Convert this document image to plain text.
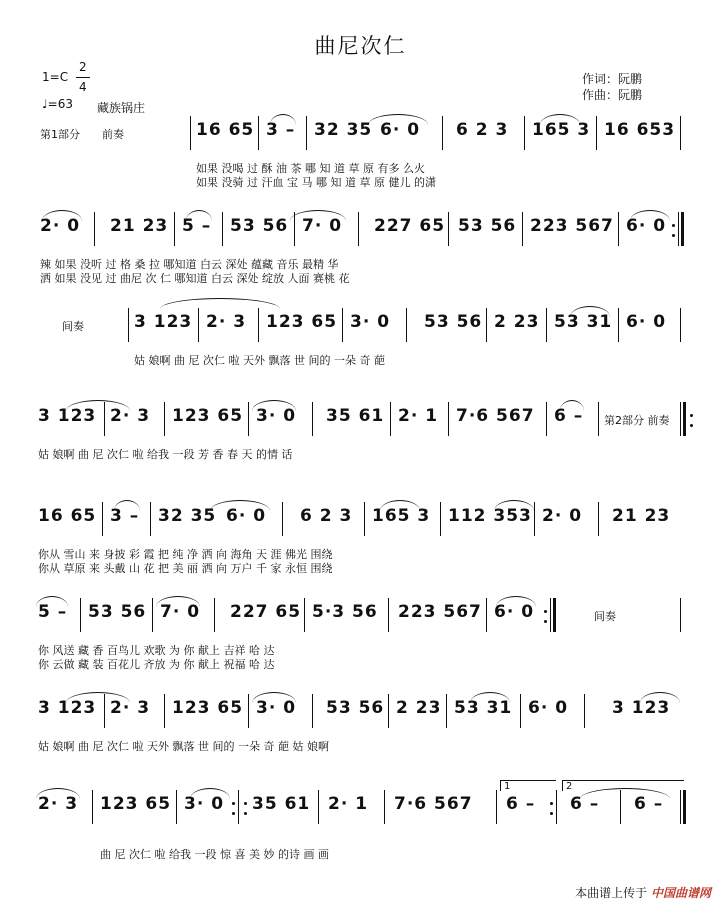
曲尼次仁
1=C
2
4
♩=63 藏族锅庄
作词：阮鹏
作曲：阮鹏
第1部分　　前奏	16 65 3 – 32 35 6· 0 6 2 3 165 3 16 653
如果 没喝 过 酥 油 茶 哪 知 道 草 原 有多 么火
如果 没骑 过 汗血 宝 马 哪 知 道 草 原 健儿 的潇
2· 0 21 23 5 – 53 56 7· 0 227 65 53 56 223 567 6· 0
辣 如果 没听 过 格 桑 拉 哪知道 白云 深处 蕴藏 音乐 最精 华
洒 如果 没见 过 曲尼 次 仁 哪知道 白云 深处 绽放 人面 赛桃 花
间奏	3 123 2· 3 123 65 3· 0 53 56 2 23 53 31 6· 0
姑 娘啊 曲 尼 次仁 啦 天外 飘落 世 间的 一朵 奇 葩
3 123 2· 3 123 65 3· 0 35 61 2· 1 7·6 567 6 – 第2部分 前奏
姑 娘啊 曲 尼 次仁 啦 给我 一段 芳 香 春 天 的情 话
16 65 3 – 32 35 6· 0 6 2 3 165 3 112 353 2· 0 21 23
你从 雪山 来 身披 彩 霞 把 纯 净 洒 向 海角 天 涯 佛光 围绕
你从 草原 来 头戴 山 花 把 美 丽 洒 向 万户 千 家 永恒 围绕
5 – 53 56 7· 0 227 65 5·3 56 223 567 6· 0	间奏
你 风送 藏 香 百鸟儿 欢歌 为 你 献上 吉祥 哈 达
你 云做 藏 装 百花儿 齐放 为 你 献上 祝福 哈 达
3 123 2· 3 123 65 3· 0 53 56 2 23 53 31 6· 0	3 123
姑 娘啊 曲 尼 次仁 啦 天外 飘落 世 间的 一朵 奇 葩 姑 娘啊
1	2
2· 3 123 65 3· 0 35 61 2· 1 7·6 567 6 – 6 – 6 –
曲 尼 次仁 啦 给我 一段 惊 喜 美 妙 的诗 画 画
本曲谱上传于 中国曲谱网
